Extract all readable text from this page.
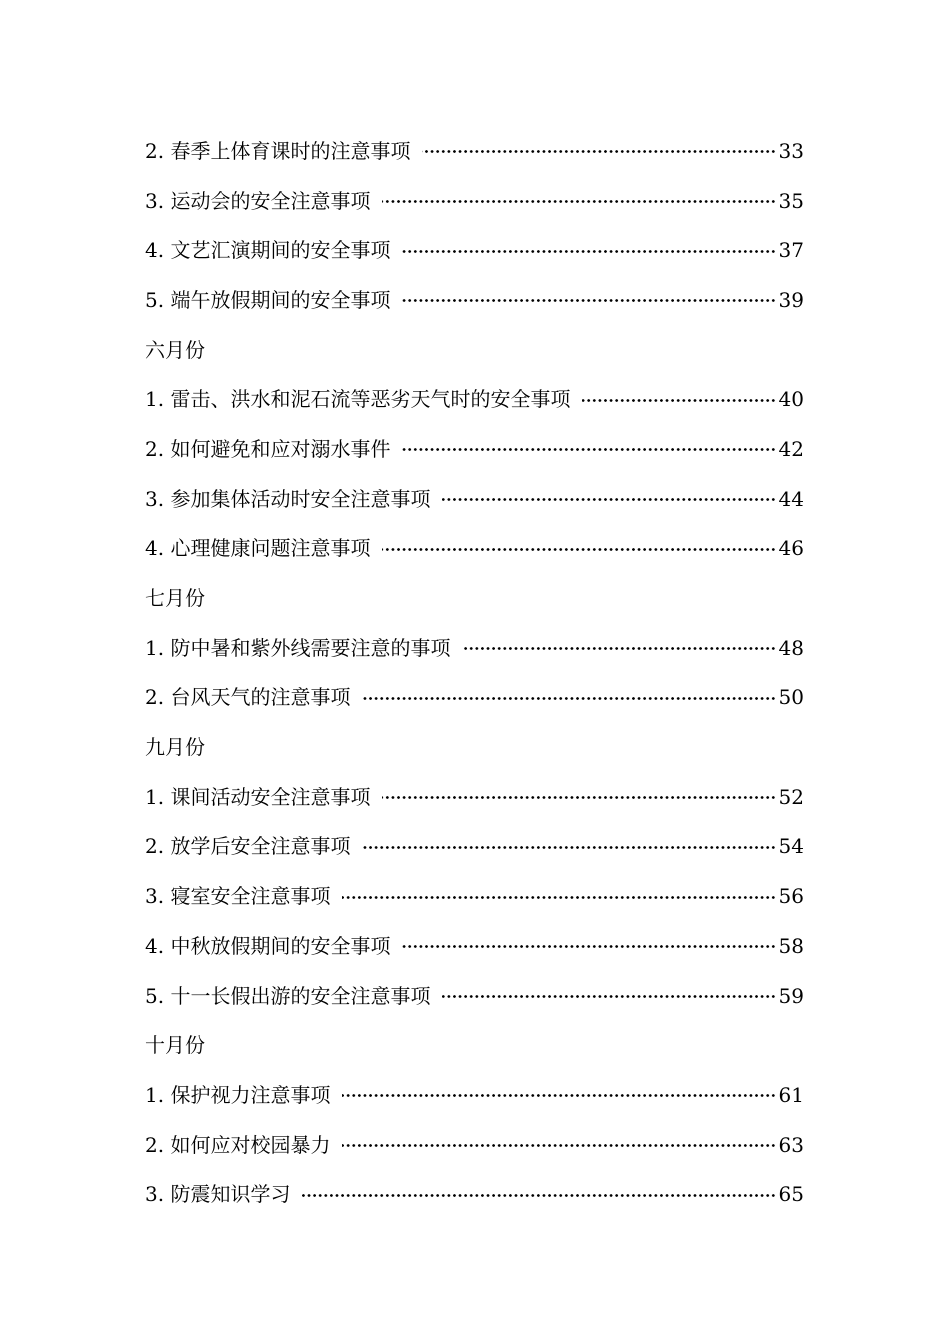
2. 春季上体育课时的注意事项	33
3. 运动会的安全注意事项	35
4. 文艺汇演期间的安全事项	37
5. 端午放假期间的安全事项	39
六月份
1. 雷击、洪水和泥石流等恶劣天气时的安全事项	40
2. 如何避免和应对溺水事件	42
3. 参加集体活动时安全注意事项	44
4. 心理健康问题注意事项	46
七月份
1. 防中暑和紫外线需要注意的事项	48
2. 台风天气的注意事项	50
九月份
1. 课间活动安全注意事项	52
2. 放学后安全注意事项	54
3. 寝室安全注意事项	56
4. 中秋放假期间的安全事项	58
5. 十一长假出游的安全注意事项	59
十月份
1. 保护视力注意事项	61
2. 如何应对校园暴力	63
3. 防震知识学习	65
